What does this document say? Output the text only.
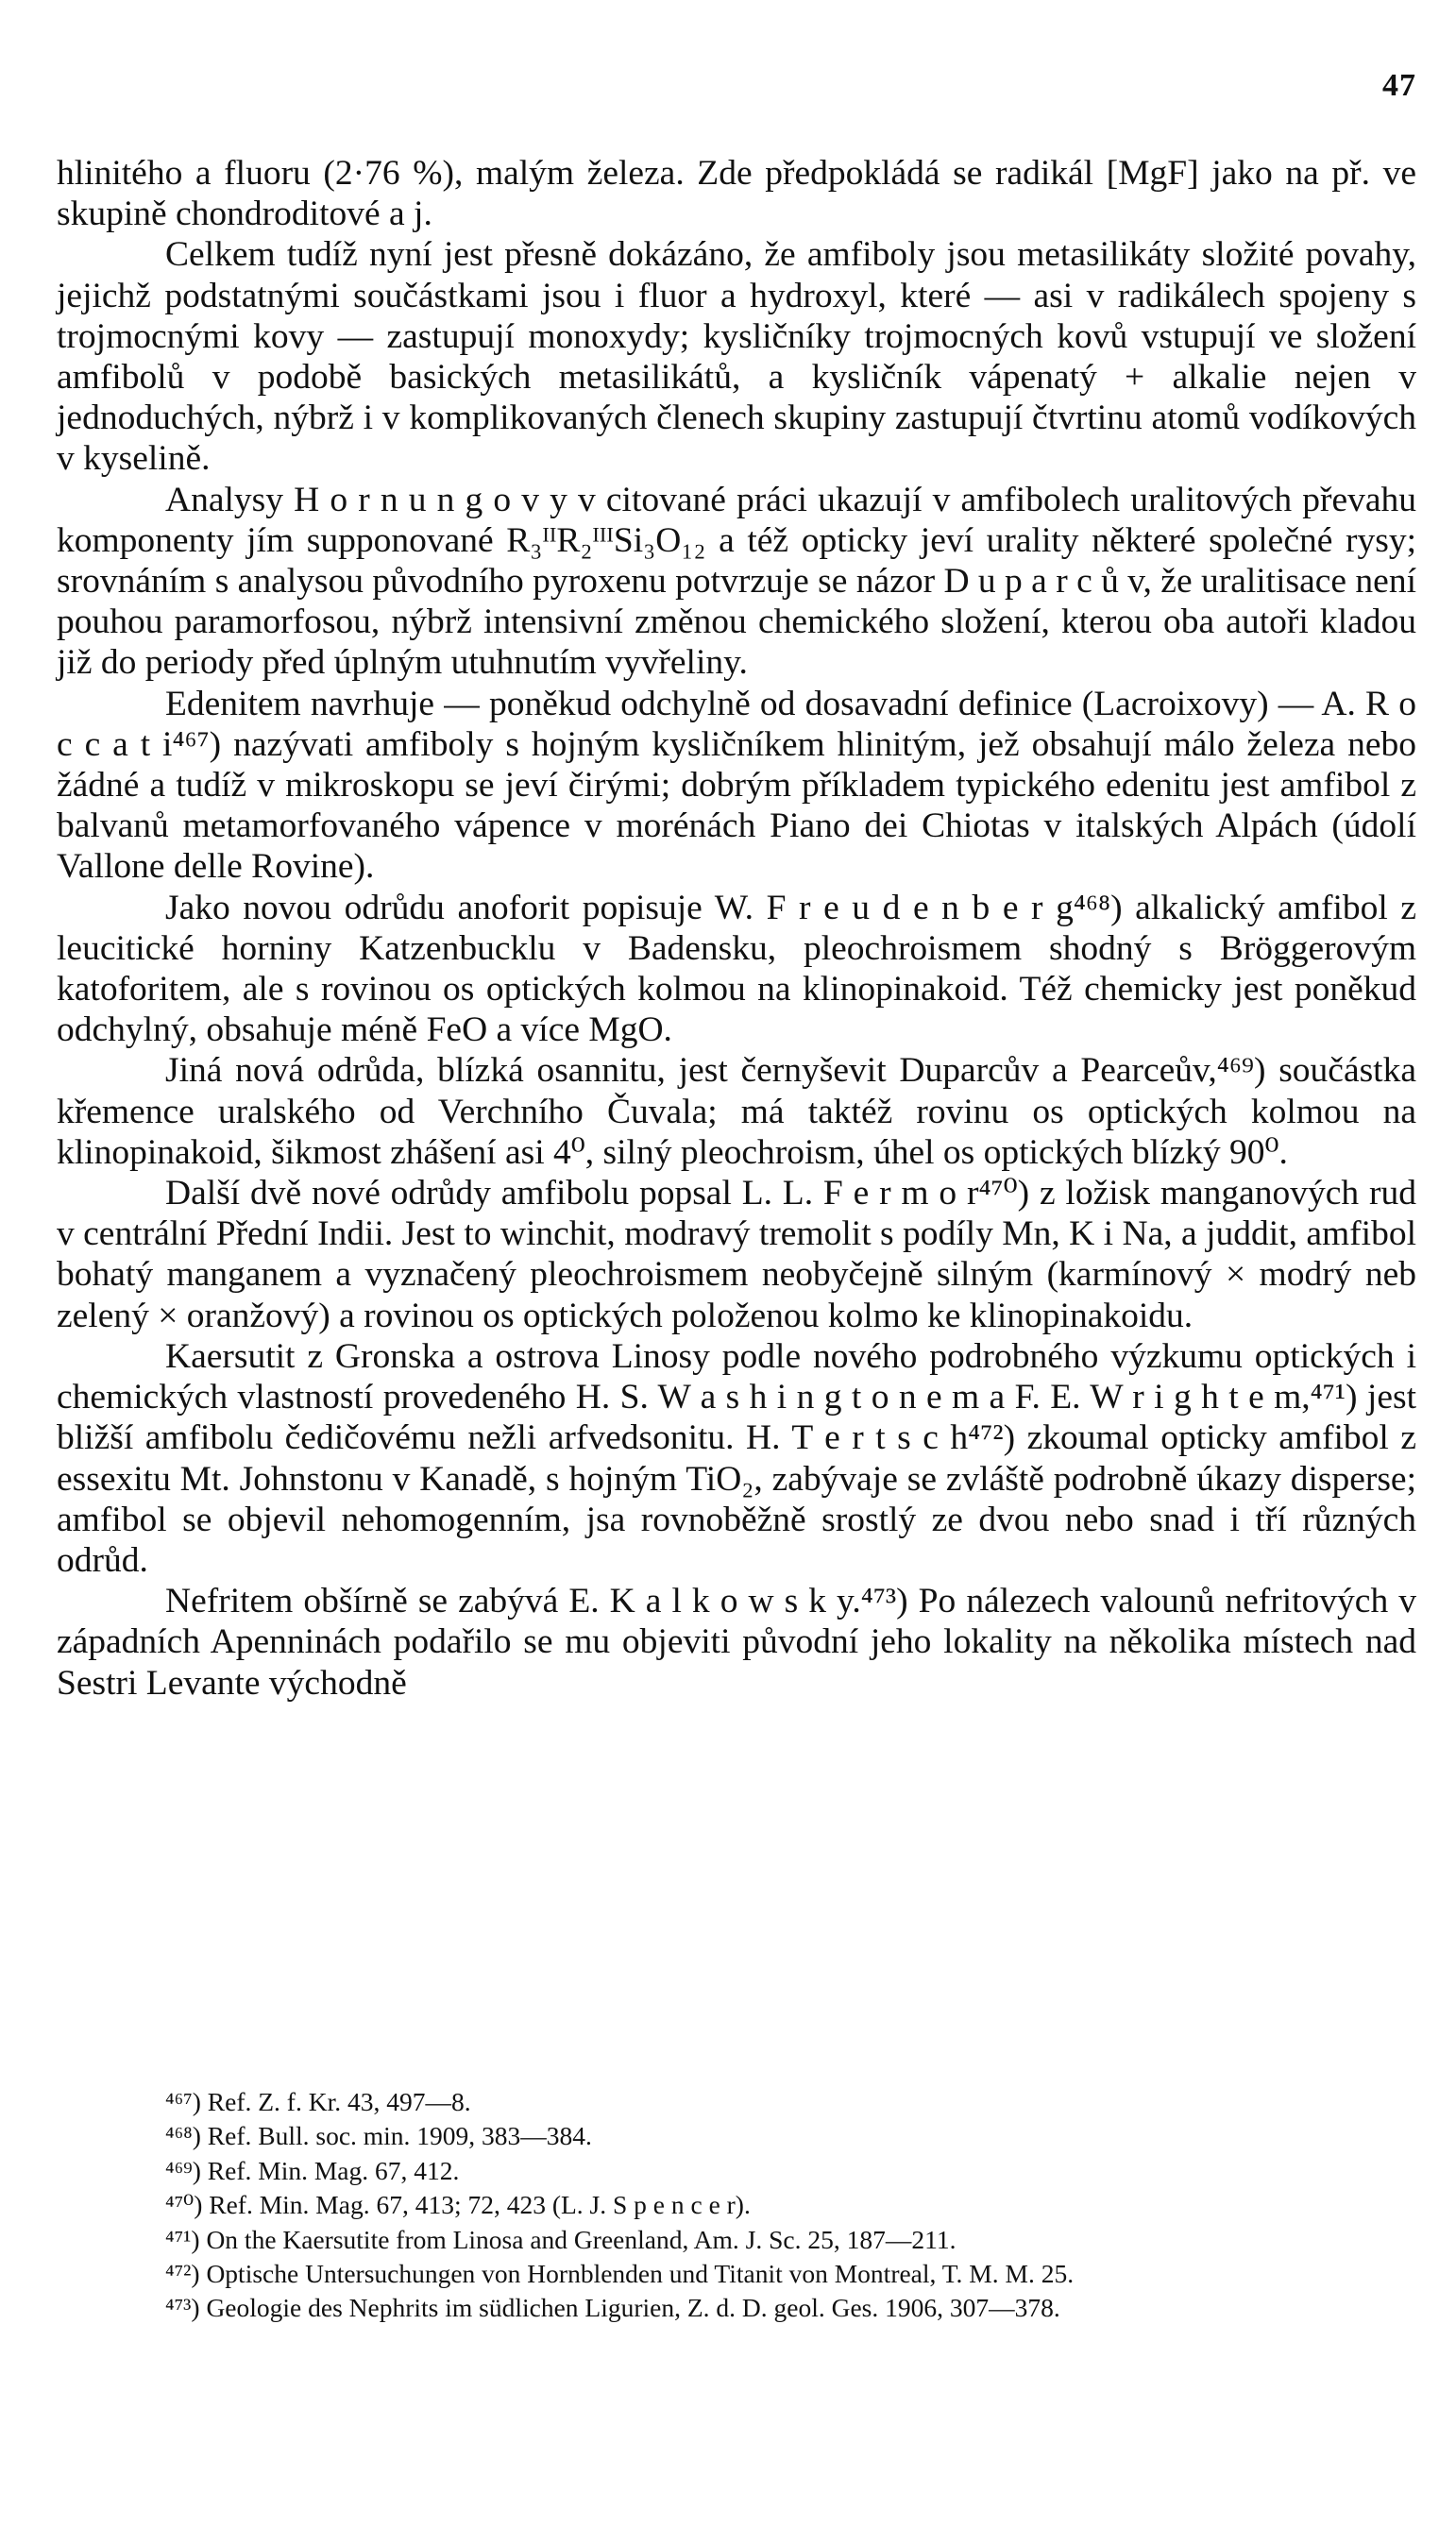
47

hlinitého a fluoru (2·76 %), malým železa. Zde předpokládá se radikál [MgF] jako na př. ve skupině chondroditové a j.

Celkem tudíž nyní jest přesně dokázáno, že amfiboly jsou metasilikáty složité povahy, jejichž podstatnými součástkami jsou i fluor a hydroxyl, které — asi v radikálech spojeny s trojmocnými kovy — zastupují monoxydy; kysličníky trojmocných kovů vstupují ve složení amfibolů v podobě basických metasilikátů, a kysličník vápenatý + alkalie nejen v jednoduchých, nýbrž i v komplikovaných členech skupiny zastupují čtvrtinu atomů vodíkových v kyselině.

Analysy H o r n u n g o v y v citované práci ukazují v amfibolech uralitových převahu komponenty jím supponované R₃ᴵᴵR₂ᴵᴵᴵSi₃O₁₂ a též opticky jeví urality některé společné rysy; srovnáním s analysou původního pyroxenu potvrzuje se názor D u p a r c ů v, že uralitisace není pouhou paramorfosou, nýbrž intensivní změnou chemického složení, kterou oba autoři kladou již do periody před úplným utuhnutím vyvřeliny.

Edenitem navrhuje — poněkud odchylně od dosavadní definice (Lacroixovy) — A. R o c c a t i⁴⁶⁷) nazývati amfiboly s hojným kysličníkem hlinitým, jež obsahují málo železa nebo žádné a tudíž v mikroskopu se jeví čirými; dobrým příkladem typického edenitu jest amfibol z balvanů metamorfovaného vápence v morénách Piano dei Chiotas v italských Alpách (údolí Vallone delle Rovine).

Jako novou odrůdu anoforit popisuje W. F r e u d e n b e r g⁴⁶⁸) alkalický amfibol z leucitické horniny Katzenbucklu v Badensku, pleochroismem shodný s Bröggerovým katoforitem, ale s rovinou os optických kolmou na klinopinakoid. Též chemicky jest poněkud odchylný, obsahuje méně FeO a více MgO.

Jiná nová odrůda, blízká osannitu, jest černyševit Duparcův a Pearceův,⁴⁶⁹) součástka křemence uralského od Verchního Čuvala; má taktéž rovinu os optických kolmou na klinopinakoid, šikmost zhášení asi 4⁰, silný pleochroism, úhel os optických blízký 90⁰.

Další dvě nové odrůdy amfibolu popsal L. L. F e r m o r⁴⁷⁰) z ložisk manganových rud v centrální Přední Indii. Jest to winchit, modravý tremolit s podíly Mn, K i Na, a juddit, amfibol bohatý manganem a vyznačený pleochroismem neobyčejně silným (karmínový × modrý neb zelený × oranžový) a rovinou os optických položenou kolmo ke klinopinakoidu.

Kaersutit z Gronska a ostrova Linosy podle nového podrobného výzkumu optických i chemických vlastností provedeného H. S. W a s h i n g t o n e m a F. E. W r i g h t e m,⁴⁷¹) jest bližší amfibolu čedičovému nežli arfvedsonitu. H. T e r t s c h⁴⁷²) zkoumal opticky amfibol z essexitu Mt. Johnstonu v Kanadě, s hojným TiO₂, zabývaje se zvláště podrobně úkazy disperse; amfibol se objevil nehomogenním, jsa rovnoběžně srostlý ze dvou nebo snad i tří různých odrůd.

Nefritem obšírně se zabývá E. K a l k o w s k y.⁴⁷³) Po nálezech valounů nefritových v západních Apenninách podařilo se mu objeviti původní jeho lokality na několika místech nad Sestri Levante východně

⁴⁶⁷) Ref. Z. f. Kr. 43, 497—8.

⁴⁶⁸) Ref. Bull. soc. min. 1909, 383—384.

⁴⁶⁹) Ref. Min. Mag. 67, 412.

⁴⁷⁰) Ref. Min. Mag. 67, 413; 72, 423 (L. J. S p e n c e r).

⁴⁷¹) On the Kaersutite from Linosa and Greenland, Am. J. Sc. 25, 187—211.

⁴⁷²) Optische Untersuchungen von Hornblenden und Titanit von Montreal, T. M. M. 25.

⁴⁷³) Geologie des Nephrits im südlichen Ligurien, Z. d. D. geol. Ges. 1906, 307—378.
